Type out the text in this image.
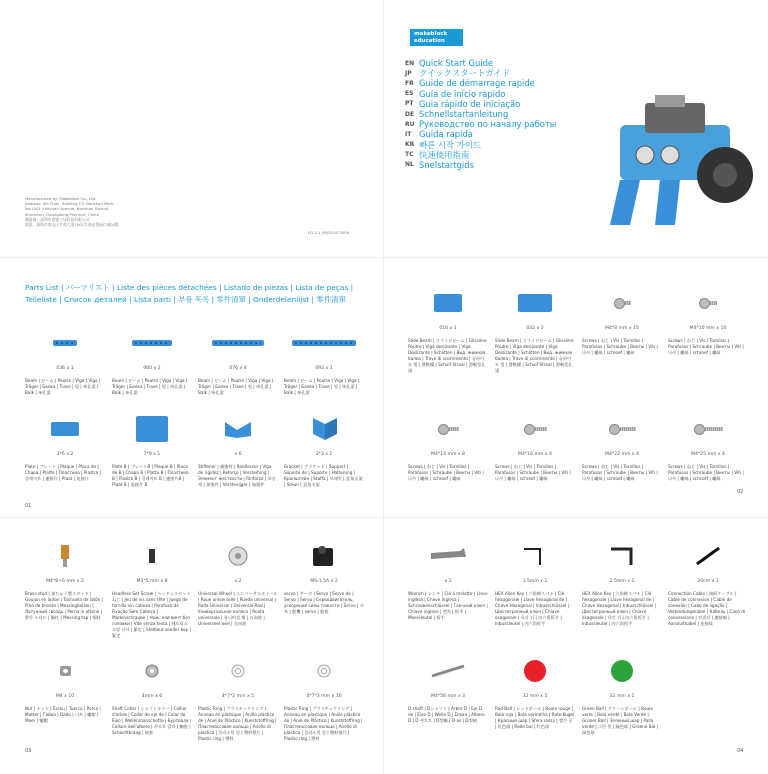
makeblock
education
EN Quick Start Guide
JP クイックスタートガイド
FR Guide de démarrage rapide
ES Guía de inicio rápido
PT Guia rápido de iniciação
DE Schnellstartanleitung
RU Руководство по началу работы
IT Guida rapida
KR 빠른 시작 가이드
TC 快速使用指南
NL Snelstartgids
Manufactured by: Makeblock Co., Ltd.
Address: 4th Floor, Building C3, Nanshan iPark,
No.1001 Xueyuan Avenue, Nanshan District,
Shenzhen, Guangdong Province, China
制造商：深圳市创客工场科技有限公司
地址：深圳市南山区学苑大道1001号南山智园C3栋4楼
D1.1.1_K0010473000
Parts List | パーツリスト | Liste des pièces détachées | Listado de piezas | Lista de peças | Teileliste | Список деталей | Lista parti | 부품 목록 | 零件清單 | Onderdelenlijst | 零件清單
016 x 1
Slide Beam | スライドビーム | Glissière Poutre | Viga deslizante | Viga Deslizante | Schlitten | Вид. жимная балка | Trave di scorrimento | 슬라이드 빔 | 滑軌樑 | Schuif Straal | 滑軌型孔梁
032 x 2
Slide Beam | スライドビーム | Glissière Poutre | Viga deslizante | Viga Deslizante | Schlitten | Вид. жимная балка | Trave di scorrimento | 슬라이드 빔 | 滑軌樑 | Schuif Straal | 滑軌型孔梁
M4*8 mm x 15
Screws | ねじ | Vis | Tornillos | Parafusos | Schraube | Винты | Viti | 나사 | 螺絲 | schroef | 螺絲
M4*10 mm x 10
Screws | ねじ | Vis | Tornillos | Parafusos | Schraube | Винты | Viti | 나사 | 螺絲 | schroef | 螺絲
036 x 1
Beam | ビーム | Poutre | Viga | Viga | Träger | Балка | Trave | 빔 | 单孔梁 | Balk | 单孔梁
060 x 2
Beam | ビーム | Poutre | Viga | Viga | Träger | Балка | Trave | 빔 | 单孔梁 | Balk | 单孔梁
076 x 4
Beam | ビーム | Poutre | Viga | Viga | Träger | Балка | Trave | 빔 | 单孔梁 | Balk | 单孔梁
092 x 1
Beam | ビーム | Poutre | Viga | Viga | Träger | Балка | Trave | 빔 | 单孔梁 | Balk | 单孔梁
3*6 x 2
Plate | プレート | Plaque | Placa de | Chapa | Platte | Пластина | Piastra | 플레이트 | 連接片 | Plaat | 连接片
7*9 x 1
Plate B | プレートB | Plaque B | Placa de B | Chapa B | Platte B | Пластина B | Piastra B | 플레이트 B | 連接片B | Plaat B | 连接片 B
x 6
Stiffener | 補強材 | Raidisseur | Viga de rigidez | Reforço | Versteifung | Элемент жесткости | Rinforzo | 보강재 | 加強件 | Verstevijger | 加强件
3*3 x 1
Bracket | ブラケット | Support | Soporte de | Suporte | Halterung | Кронштейн | Staffa | 브래킷 | 直角支架 | Steun | 直角支架
M4*14 mm x 8
Screws | ねじ | Vis | Tornillos | Parafusos | Schraube | Винты | Viti | 나사 | 螺絲 | schroef | 螺絲
M4*16 mm x 4
Screws | ねじ | Vis | Tornillos | Parafusos | Schraube | Винты | Viti | 나사 | 螺絲 | schroef | 螺絲
M4*22 mm x 4
Screws | ねじ | Vis | Tornillos | Parafusos | Schraube | Винты | Viti | 나사 | 螺絲 | schroef | 螺絲
M4*25 mm x 4
Screws | ねじ | Vis | Tornillos | Parafusos | Schraube | Винты | Viti | 나사 | 螺絲 | schroef | 螺絲
M4*8+6 mm x 2
Brass stud | 真ちゅう製スタッド | Goujon en laiton | Tachuela de latón | Pino de bronze | Messingbolzen | Латунный гвоздь | Perno in ottone | 황동 스터드 | 銅柱 | Messing tap | 铜柱
M3*5 mm x 8
Headless Set Screw | ヘッドレスセットねじ | Jeu de vis sans tête | Juego de tornillo sin cabeza | Parafuso de Fixação Sem Cabeça | Madenschraube | Нож. ной винт без головки | Vite senza testa | 헤드리스 고정 나사 | 緊定 | Stelbout zonder kop | 緊定
x 2
Universal Wheel | ユニバーサルホイール | Roue universelle | Rueda universal | Roda Universal | Universal-Rad | Универсальное колесо | Ruota universale | 유니버설 휠 | 万向轮 | Universeel wiel | 全向轮
MS-1.5A x 2
servo | サーボ | Servo | Servo de | Servo | Servo | Серводвигатель, ускорение силы тяжести | Servo | 서보 | 舵機 | servo | 舵机
x 1
Wrench | レンチ | Clé à molette | Llave inglesa | Chave Inglesa | Schraubenschlüssel | Гаечный ключ | Chiave inglese | 렌치 | 扳手 | Moersleutel | 扳手
1.5mm x 1
HEX Allen Key | 六角棒スパナ | Clé hexagonale | Llave hexagonal de | Chave Hexagonal | Inbusschlüssel | Шестигранный ключ | Chiave esagonale | 육각 키 | 內六角扳手 | Inbussleutel | 内六角扳手
2.5mm x 1
HEX Allen Key | 六角棒スパナ | Clé hexagonale | Llave hexagonal de | Chave Hexagonal | Inbusschlüssel | Шестигранный ключ | Chiave esagonale | 육각 키 | 內六角扳手 | Inbussleutel | 内六角扳手
20cm x 1
Connection Cable | 接続ケーブル | Câble de connexion | Cable de conexión | Cabo de ligação | Verbindungskabel | Кабель | Cavo di connessione | 연결선 | 連接線 | Aansluitkabel | 连接线
M4 x 10
Nut | ナット | Écrou | Tuerca | Porca | Mutter | Гайка | Dado | 너트 | 螺帽 | Moer | 螺帽
4mm x 6
Shaft Collar | シャフトカラー | Collier d'arbre | Collar de eje de | Colar do Eixo | Wellenmanschette | Буртвала | Collare dell'albero | 샤프트 칼라 | 軸套 | Schachtkraag | 轴套
4*7*2 mm x 5
Plastic Ring | プラスチックリング | Anneau en plastique | Anillo plástico de | Anel de Plástico | Kunststoffring | Пластмассовое кольцо | Anello di plastica | 플라스틱 링 | 塑料墊片 | Plastic ring | 塑料
4*7*3 mm x 10
Plastic Ring | プラスチックリング | Anneau en plastique | Anillo plástico de | Anel de Plástico | Kunststoffring | Пластмассовое кольцо | Anello di plastica | 플라스틱 링 | 塑料墊片 | Plastic ring | 塑料
M4*56 mm x 3
D shaft | Dシャフト | Arbre D | Eje D de | Eixo D | Welle D | D-вал | Albero D | D 샤프트 | D型軸 | D-as | D型轴
32 mm x 1
Red Ball | レッドボール | Boule rouge | Bola roja | Bola vermelha | Rote Kugel | Красный шар | Sfera rossa | 빨간 공 | 紅色球 | Rode bal | 红色球
32 mm x 1
Green Ball | グリーンボール | Boule verte | Bola verde | Bola Verde | Grüner Ball | Зеленый шар | Palla verde | 그린 볼 | 綠色球 | Groene Bal | 绿色球
01
02
03	04
